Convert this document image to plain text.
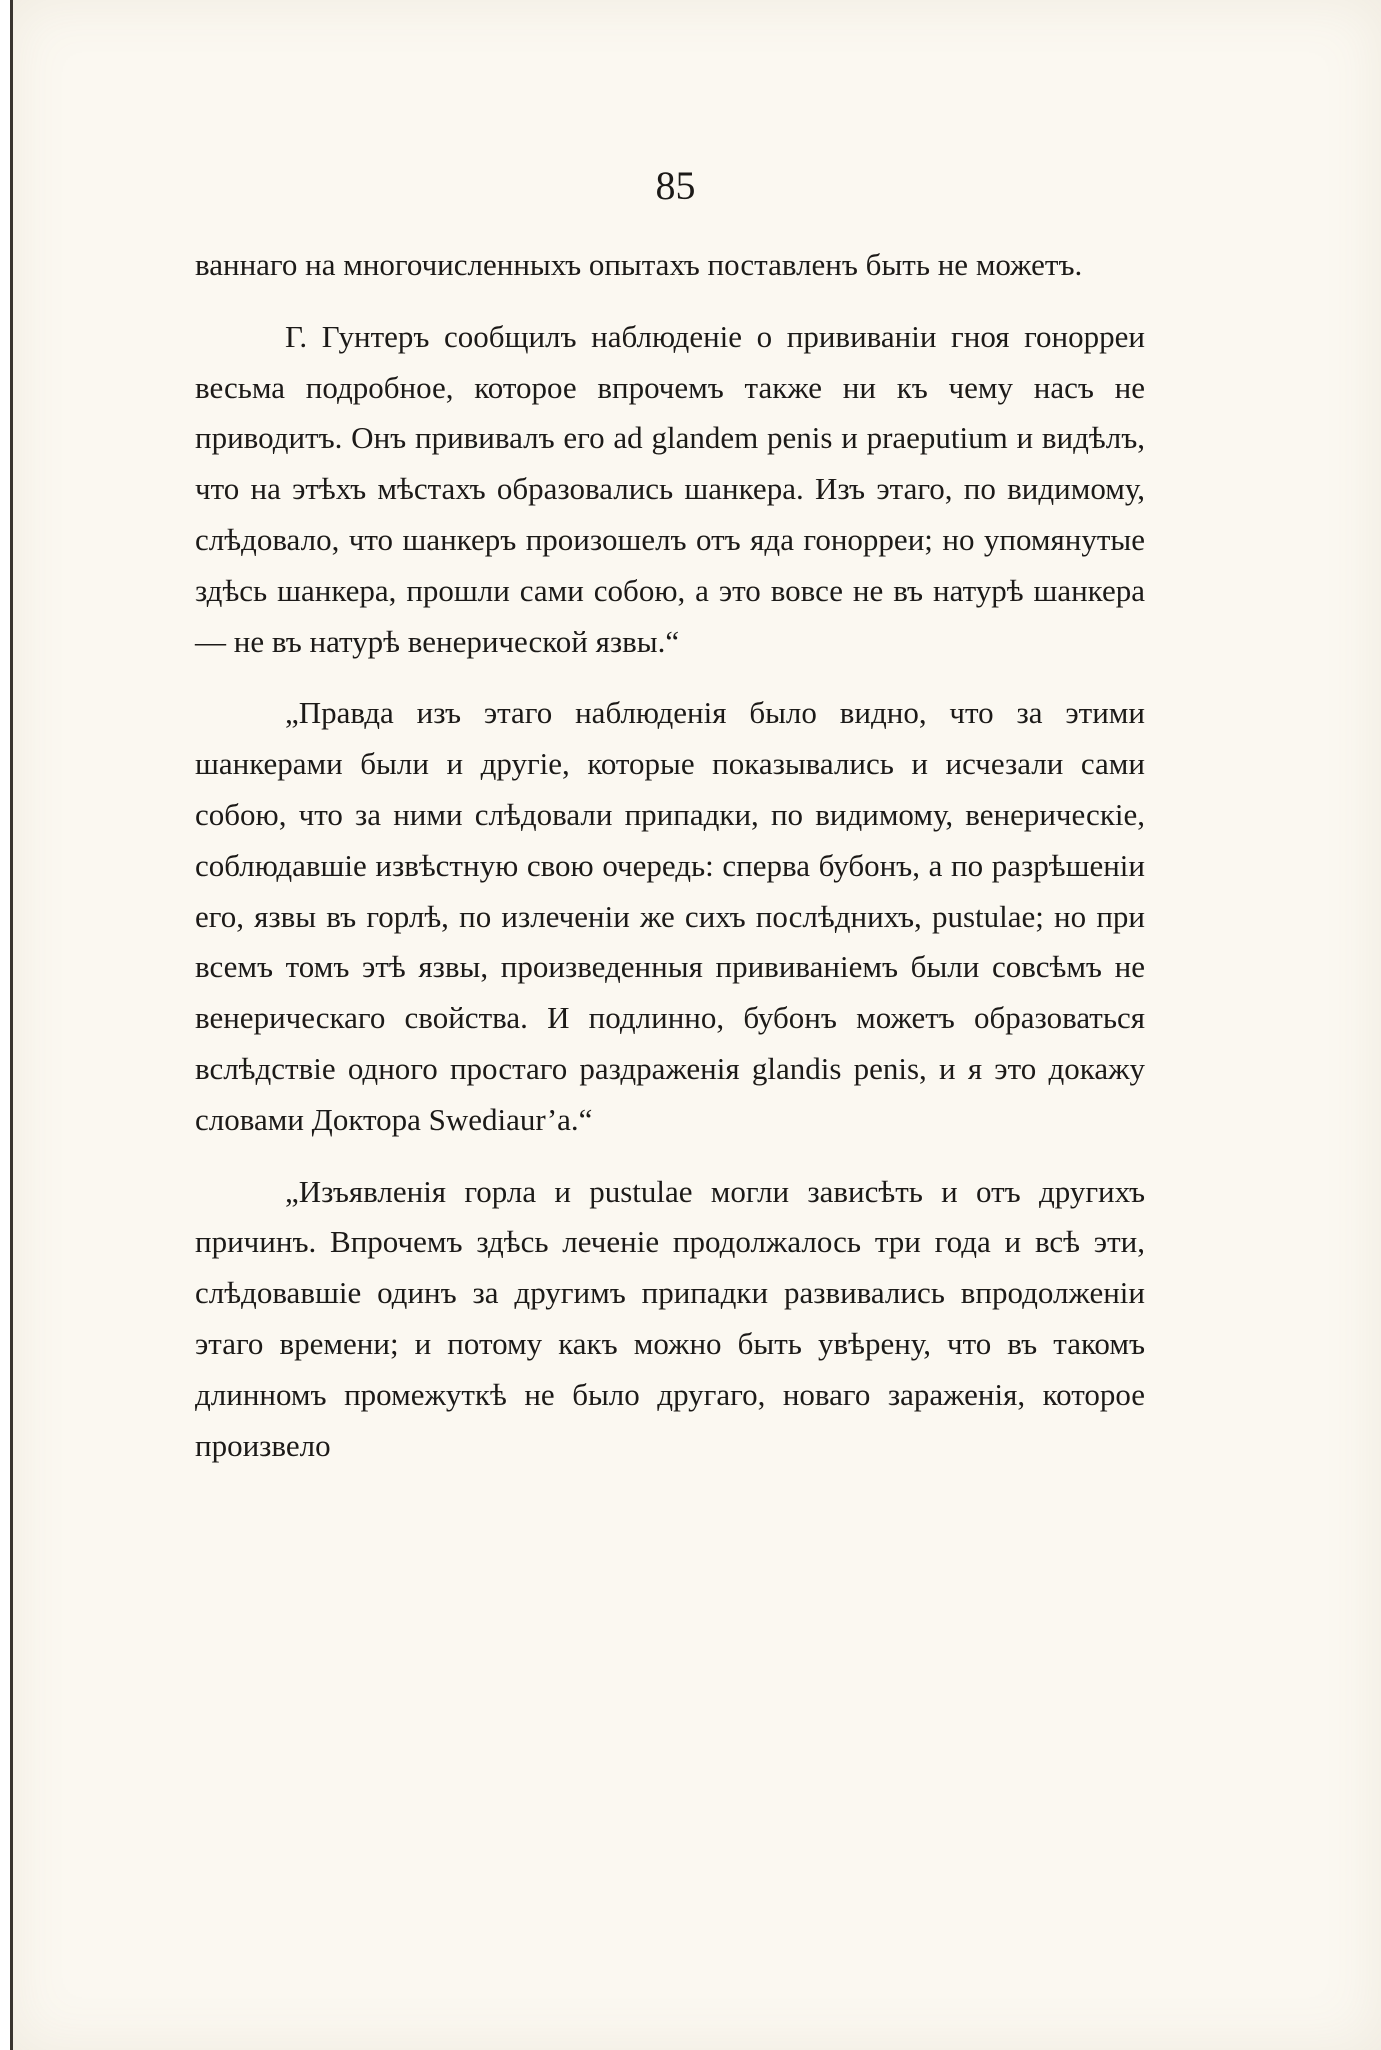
85

ваннаго на многочисленныхъ опытахъ поставленъ быть не можетъ.

Г. Гунтеръ сообщилъ наблюденіе о прививаніи гноя гонорреи весьма подробное, которое впрочемъ также ни къ чему насъ не приводитъ. Онъ прививалъ его ad glandem penis и praeputium и видѣлъ, что на этѣхъ мѣстахъ образовались шанкера. Изъ этаго, по видимому, слѣдовало, что шанкеръ произошелъ отъ яда гонорреи; но упомянутые здѣсь шанкера, прошли сами собою, а это вовсе не въ натурѣ шанкера — не въ натурѣ венерической язвы.“

„Правда изъ этаго наблюденія было видно, что за этими шанкерами были и другіе, которые показывались и исчезали сами собою, что за ними слѣдовали припадки, по видимому, венерическіе, соблюдавшіе извѣстную свою очередь: сперва бубонъ, а по разрѣшеніи его, язвы въ горлѣ, по излеченіи же сихъ послѣднихъ, pustulae; но при всемъ томъ этѣ язвы, произведенныя прививаніемъ были совсѣмъ не венерическаго свойства. И подлинно, бубонъ можетъ образоваться вслѣдствіе одного простаго раздраженія glandis penis, и я это докажу словами Доктора Swediaur’а.“

„Изъявленія горла и pustulae могли зависѣть и отъ другихъ причинъ. Впрочемъ здѣсь леченіе продолжалось три года и всѣ эти, слѣдовавшіе одинъ за другимъ припадки развивались впродолженіи этаго времени; и потому какъ можно быть увѣрену, что въ такомъ длинномъ промежуткѣ не было другаго, новаго зараженія, которое произвело
